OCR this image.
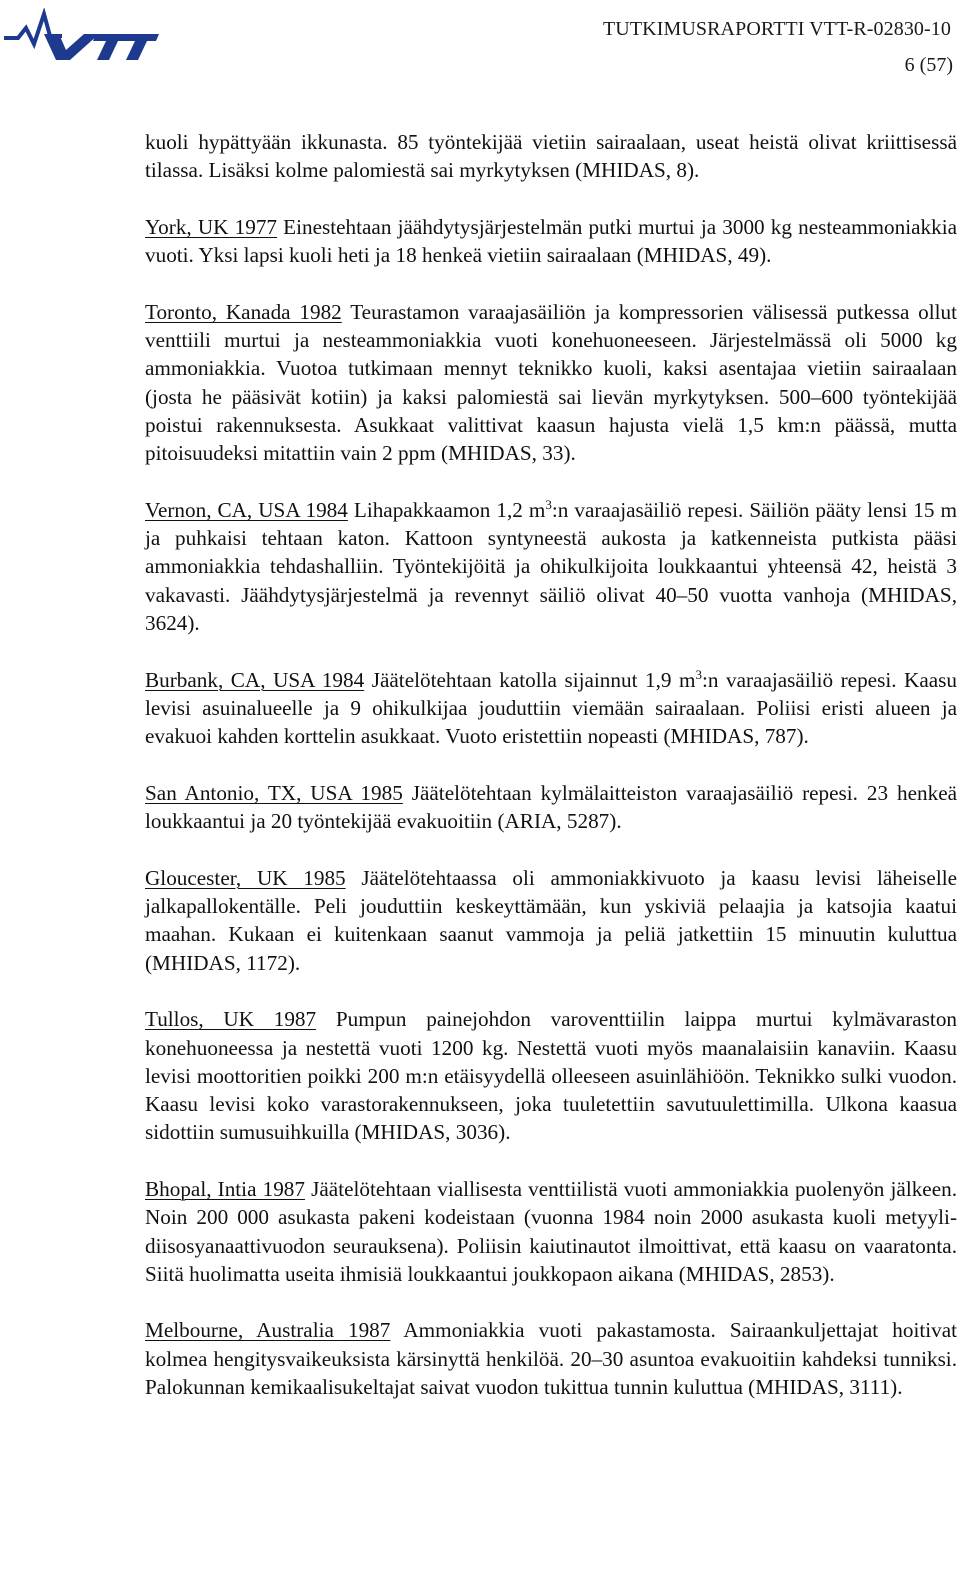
TUTKIMUSRAPORTTI VTT-R-02830-10
6 (57)

kuoli hypättyään ikkunasta. 85 työntekijää vietiin sairaalaan, useat heistä olivat kriittisessä tilassa. Lisäksi kolme palomiestä sai myrkytyksen (MHIDAS, 8).

York, UK 1977 Einestehtaan jäähdytysjärjestelmän putki murtui ja 3000 kg nesteammoniakkia vuoti. Yksi lapsi kuoli heti ja 18 henkeä vietiin sairaalaan (MHIDAS, 49).

Toronto, Kanada 1982 Teurastamon varaajasäiliön ja kompressorien välisessä putkessa ollut venttiili murtui ja nesteammoniakkia vuoti konehuoneeseen. Järjestelmässä oli 5000 kg ammoniakkia. Vuotoa tutkimaan mennyt teknikko kuoli, kaksi asentajaa vietiin sairaalaan (josta he pääsivät kotiin) ja kaksi palomiestä sai lievän myrkytyksen. 500–600 työntekijää poistui rakennuksesta. Asukkaat valittivat kaasun hajusta vielä 1,5 km:n päässä, mutta pitoisuudeksi mitattiin vain 2 ppm (MHIDAS, 33).

Vernon, CA, USA 1984 Lihapakkaamon 1,2 $m^3:n$ varaajasäiliö repesi. Säiliön pääty lensi 15 m ja puhkaisi tehtaan katon. Kattoon syntyneestä aukosta ja katkenneista putkista pääsi ammoniakkia tehdashalliin. Työntekijöitä ja ohikulkijoita loukkaantui yhteensä 42, heistä 3 vakavasti. Jäähdytysjärjestelmä ja revennyt säiliö olivat 40–50 vuotta vanhoja (MHIDAS, 3624).

Burbank, CA, USA 1984 Jäätelötehtaan katolla sijainnut 1,9 $m^3:n$ varaajasäiliö repesi. Kaasu levisi asuinalueelle ja 9 ohikulkijaa jouduttiin viemään sairaalaan. Poliisi eristi alueen ja evakuoi kahden korttelin asukkaat. Vuoto eristettiin nopeasti (MHIDAS, 787).

San Antonio, TX, USA 1985 Jäätelötehtaan kylmälaitteiston varaajasäiliö repesi. 23 henkeä loukkaantui ja 20 työntekijää evakuoitiin (ARIA, 5287).

Gloucester, UK 1985 Jäätelötehtaassa oli ammoniakkivuoto ja kaasu levisi läheiselle jalkapallokentälle. Peli jouduttiin keskeyttämään, kun yskiviä pelaajia ja katsojia kaatui maahan. Kukaan ei kuitenkaan saanut vammoja ja peliä jatkettiin 15 minuutin kuluttua (MHIDAS, 1172).

Tullos, UK 1987 Pumpun painejohdon varoventtiilin laippa murtui kylmävaraston konehuoneessa ja nestettä vuoti 1200 kg. Nestettä vuoti myös maanalaisiin kanaviin. Kaasu levisi moottoritien poikki 200 m:n etäisyydellä olleeseen asuinlähiöön. Teknikko sulki vuodon. Kaasu levisi koko varastorakennukseen, joka tuuletettiin savutuulettimilla. Ulkona kaasua sidottiin sumusuihkuilla (MHIDAS, 3036).

Bhopal, Intia 1987 Jäätelötehtaan viallisesta venttiilistä vuoti ammoniakkia puolenyön jälkeen. Noin 200 000 asukasta pakeni kodeistaan (vuonna 1984 noin 2000 asukasta kuoli metyyli-diisosyanaattivuodon seurauksena). Poliisin kaiutinautot ilmoittivat, että kaasu on vaaratonta. Siitä huolimatta useita ihmisiä loukkaantui joukkopaon aikana (MHIDAS, 2853).

Melbourne, Australia 1987 Ammoniakkia vuoti pakastamosta. Sairaankuljettajat hoitivat kolmea hengitysvaikeuksista kärsinyttä henkilöä. 20–30 asuntoa evakuoitiin kahdeksi tunniksi. Palokunnan kemikaalisukeltajat saivat vuodon tukittua tunnin kuluttua (MHIDAS, 3111).
